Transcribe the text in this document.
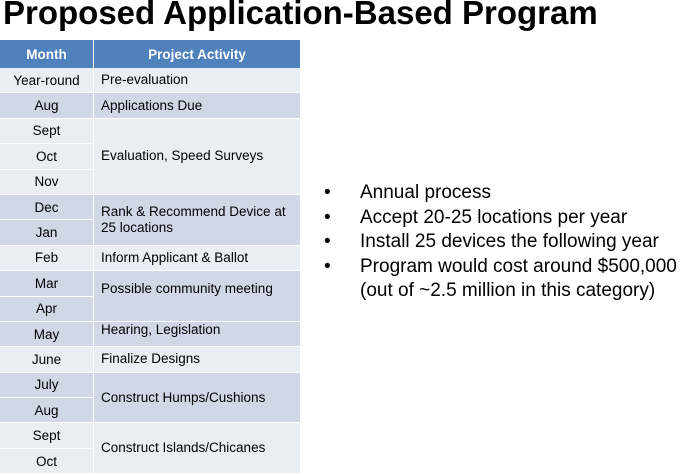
Proposed Application-Based Program
Month	Project Activity
Year-round	Pre-evaluation
Aug	Applications Due
Sept	Evaluation, Speed Surveys
Oct	
Nov	
Dec	Rank & Recommend Device at 25 locations
Jan	
Feb	Inform Applicant & Ballot
Mar	Possible community meeting
Apr	
May	Hearing, Legislation
June	Finalize Designs
July	Construct Humps/Cushions
Aug	
Sept	Construct Islands/Chicanes
Oct	
• Annual process
• Accept 20-25 locations per year
• Install 25 devices the following year
• Program would cost around $500,000 (out of ~2.5 million in this category)
